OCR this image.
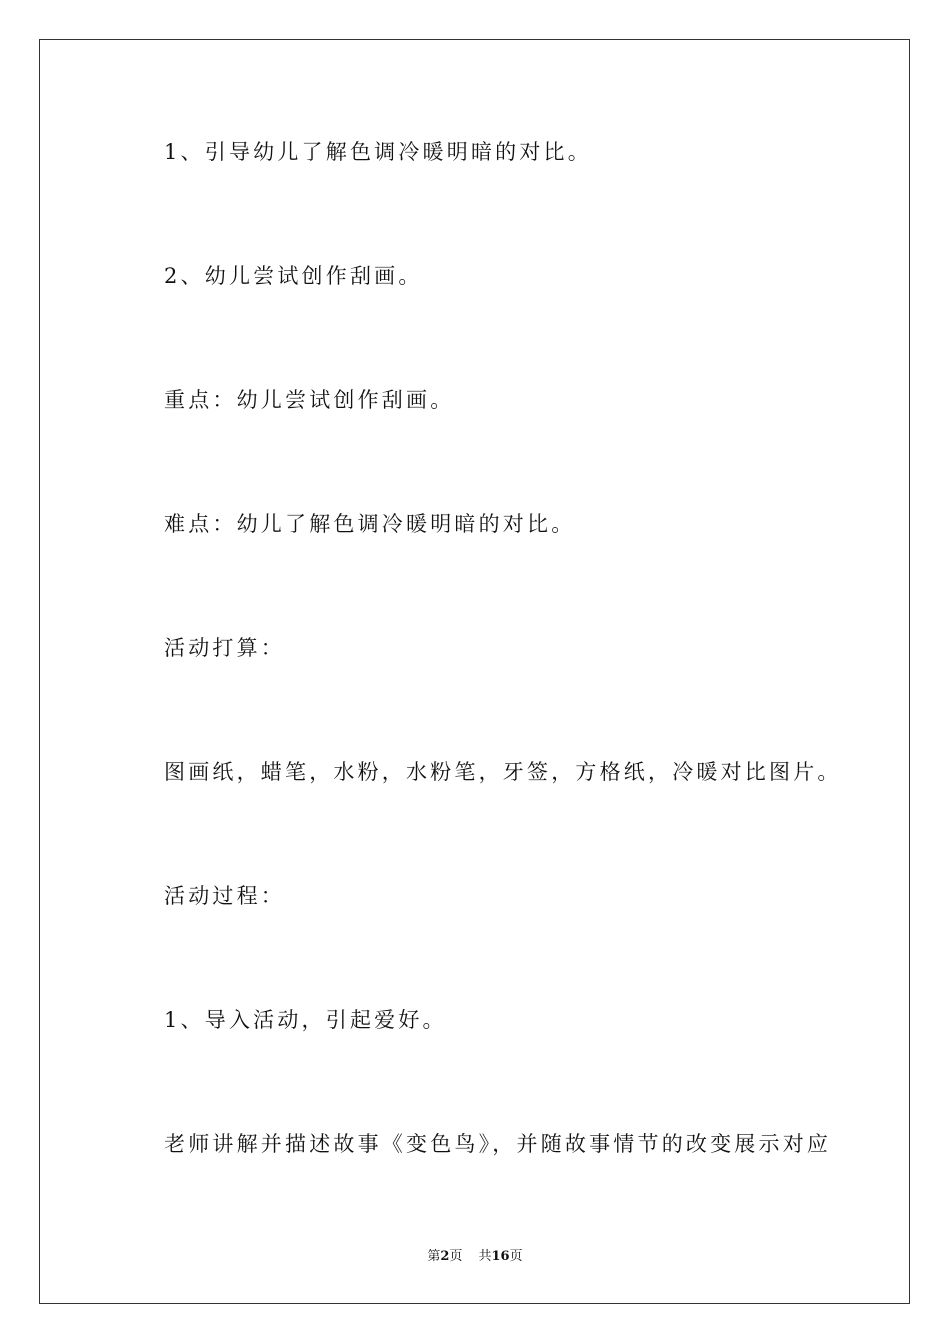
1、引导幼儿了解色调冷暖明暗的对比。

2、幼儿尝试创作刮画。

重点：幼儿尝试创作刮画。

难点：幼儿了解色调冷暖明暗的对比。

活动打算：

图画纸，蜡笔，水粉，水粉笔，牙签，方格纸，冷暖对比图片。

活动过程：

1、导入活动，引起爱好。

老师讲解并描述故事《变色鸟》，并随故事情节的改变展示对应

第2页 共16页
